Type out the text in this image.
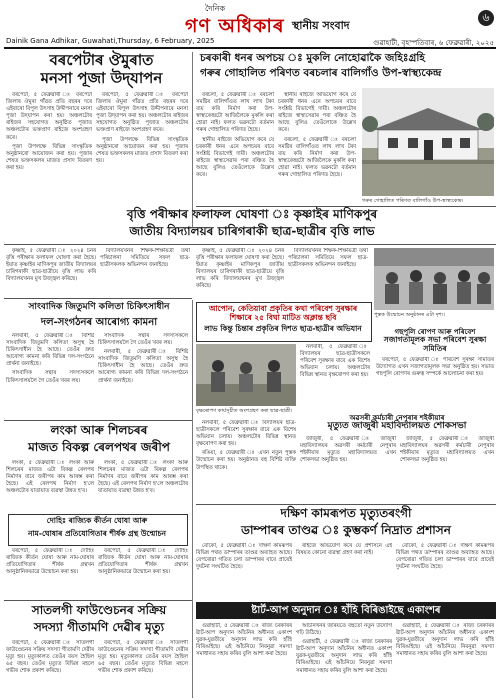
দৈনিক
গণ অধিকাৰ স্থানীয় সংবাদ
৬
Dainik Gana Adhikar, Guwahati,Thursday, 6 February, 2025	গুৱাহাটী, বৃহস্পতিবাৰ, ৬ ফেব্ৰুৱাৰী, ২০২৫
বৰপেটাৰ ঔমুৰাত
মনসা পূজা উদ্‌যাপন

বৰপেটা, ৫ ফেব্ৰুৱাৰী ঃ বৰপেটা জিলাৰ ঔমুৰা গাঁৱত প্ৰতি বছৰৰ দৰে এইবাৰো বিপুল উৎসাহ উদ্দীপনাৰে মনসা পূজা উদ্‌যাপন কৰা হয়। অঞ্চলটোৰ ৰাইজৰ সহযোগত অনুষ্ঠিত পূজাত অঞ্চলটোৰ ভক্তপ্ৰাণ ৰাইজে অংশগ্ৰহণ কৰে।

পূজা উপলক্ষে বিভিন্ন সাংস্কৃতিক অনুষ্ঠানৰো আয়োজন কৰা হয়। পূজাৰ শেষত ভক্তসকলৰ মাজত প্ৰসাদ বিতৰণ কৰা হয়।

বৰপেটা, ৫ ফেব্ৰুৱাৰী ঃ বৰপেটা জিলাৰ ঔমুৰা গাঁৱত প্ৰতি বছৰৰ দৰে এইবাৰো বিপুল উৎসাহ উদ্দীপনাৰে মনসা পূজা উদ্‌যাপন কৰা হয়। অঞ্চলটোৰ ৰাইজৰ সহযোগত অনুষ্ঠিত পূজাত অঞ্চলটোৰ ভক্তপ্ৰাণ ৰাইজে অংশগ্ৰহণ কৰে।

পূজা উপলক্ষে বিভিন্ন সাংস্কৃতিক অনুষ্ঠানৰো আয়োজন কৰা হয়। পূজাৰ শেষত ভক্তসকলৰ মাজত প্ৰসাদ বিতৰণ কৰা হয়।

চৰকাৰী ধনৰ অপচয় ঃ মুকলি নোহোৱাকৈ জহিঃগ্ৰহি
গৰুৰ গোহালিত পৰিণত বৰচলাৰ বালিগাঁও উপ-স্বাস্থ্যকেন্দ্ৰ

বৰচলা, ৫ ফেব্ৰুৱাৰী ঃ বৰচলা সমষ্টিৰ বালিগাঁওত লাখ লাখ টকা ব্যয় কৰি নিৰ্মাণ কৰা উপ-স্বাস্থ্যকেন্দ্ৰটো আজিলৈকে মুকলি কৰা হোৱা নাই। ফলত ভৱনটো বৰ্তমান গৰুৰ গোহালিত পৰিণত হৈছে।

স্থানীয় ৰাইজে অভিযোগ কৰে যে চৰকাৰী ধনৰ এনে অপচয়ৰ বাবে সংশ্লিষ্ট বিভাগেই দায়ী। অঞ্চলটোৰ ৰাইজে স্বাস্থ্যসেৱাৰ পৰা বঞ্চিত হৈ আছে বুলিও তেওঁলোকে উল্লেখ কৰে।

স্থানীয় ৰাইজে অভিযোগ কৰে যে চৰকাৰী ধনৰ এনে অপচয়ৰ বাবে সংশ্লিষ্ট বিভাগেই দায়ী। অঞ্চলটোৰ ৰাইজে স্বাস্থ্যসেৱাৰ পৰা বঞ্চিত হৈ আছে বুলিও তেওঁলোকে উল্লেখ কৰে।

বৰচলা, ৫ ফেব্ৰুৱাৰী ঃ বৰচলা সমষ্টিৰ বালিগাঁওত লাখ লাখ টকা ব্যয় কৰি নিৰ্মাণ কৰা উপ-স্বাস্থ্যকেন্দ্ৰটো আজিলৈকে মুকলি কৰা হোৱা নাই। ফলত ভৱনটো বৰ্তমান গৰুৰ গোহালিত পৰিণত হৈছে।

গৰুৰ গোহালিত পৰিণত বালিগাঁও উপ-স্বাস্থ্যকেন্দ্ৰ।
বৃত্তি পৰীক্ষাৰ ফলাফল ঘোষণা ঃ কৃষ্ণাইৰ মাণিকপুৰ
জাতীয় বিদ্যালয়ৰ চাৰিগৰাকী ছাত্ৰ-ছাত্ৰীৰ বৃত্তি লাভ

কৃষ্ণাই, ৫ ফেব্ৰুৱাৰী ঃ ২০২৪ চনৰ বৃত্তি পৰীক্ষাৰ ফলাফল ঘোষণা কৰা হৈছে। ইয়াত কৃষ্ণাইৰ মাণিকপুৰ জাতীয় বিদ্যালয়ৰ চাৰিগৰাকী ছাত্ৰ-ছাত্ৰীয়ে বৃত্তি লাভ কৰি বিদ্যালয়খনৰ মুখ উজ্জ্বল কৰিছে।

বিদ্যালয়খনৰ শিক্ষক-শিক্ষয়িত্ৰী তথা পৰিচালনা সমিতিয়ে সফল ছাত্ৰ-ছাত্ৰীসকলক অভিনন্দন জনাইছে।

কৃষ্ণাই, ৫ ফেব্ৰুৱাৰী ঃ ২০২৪ চনৰ বৃত্তি পৰীক্ষাৰ ফলাফল ঘোষণা কৰা হৈছে। ইয়াত কৃষ্ণাইৰ মাণিকপুৰ জাতীয় বিদ্যালয়ৰ চাৰিগৰাকী ছাত্ৰ-ছাত্ৰীয়ে বৃত্তি লাভ কৰি বিদ্যালয়খনৰ মুখ উজ্জ্বল কৰিছে।

বিদ্যালয়খনৰ শিক্ষক-শিক্ষয়িত্ৰী তথা পৰিচালনা সমিতিয়ে সফল ছাত্ৰ-ছাত্ৰীসকলক অভিনন্দন জনাইছে।

পুস্তক উন্মোচন অনুষ্ঠানৰ এটা দৃশ্য।
সাংবাদিক জিতুমণি কলিতা চিকিৎসাধীন
দল-সংগঠনৰ আৰোগ্য কামনা

নলবাৰী, ৫ ফেব্ৰুৱাৰী ঃ বিশিষ্ট সাংবাদিক জিতুমণি কলিতা অসুস্থ হৈ চিকিৎসাধীন হৈ আছে। তেওঁৰ দ্ৰুত আৰোগ্য কামনা কৰি বিভিন্ন দল-সংগঠনে প্ৰাৰ্থনা জনাইছে।

সাংবাদিক সন্থাৰ সদস্যসকলে চিকিৎসালয়লৈ গৈ তেওঁৰ খবৰ লয়।

সাংবাদিক সন্থাৰ সদস্যসকলে চিকিৎসালয়লৈ গৈ তেওঁৰ খবৰ লয়।

নলবাৰী, ৫ ফেব্ৰুৱাৰী ঃ বিশিষ্ট সাংবাদিক জিতুমণি কলিতা অসুস্থ হৈ চিকিৎসাধীন হৈ আছে। তেওঁৰ দ্ৰুত আৰোগ্য কামনা কৰি বিভিন্ন দল-সংগঠনে প্ৰাৰ্থনা জনাইছে।

আপোন, কেতিয়াবা প্ৰকৃতিৰ কথা পৰিবেশ সুৰক্ষাৰ শিক্ষাৰে ২৫ বিঘা মাটিত অক্লান্ত ছবি
লাভ কিন্তু চিন্তাৰ প্ৰকৃতিৰ দিশত ছাত্ৰ-ছাত্ৰীৰ অভিযান

নলবাৰী, ৫ ফেব্ৰুৱাৰী ঃ বিদ্যালয়ৰ ছাত্ৰ-ছাত্ৰীসকলে পৰিবেশ সুৰক্ষাৰ বাবে এক বিশেষ অভিযান চলায়। অঞ্চলটোৰ বিভিন্ন স্থানত বৃক্ষৰোপণ কৰা হয়।

বৃক্ষৰোপণ কাৰ্যসূচীত অংশগ্ৰহণ কৰা ছাত্ৰ-ছাত্ৰী।
গছপুলি ৰোপণ আৰু পৰিবেশ
সজাগতামূলক সভা পৰিবেশ সুৰক্ষা সমিতিৰ

বৰপেটা, ৫ ফেব্ৰুৱাৰী ঃ পৰিবেশ সুৰক্ষা সমিতিৰ উদ্যোগত এখন সজাগতামূলক সভা অনুষ্ঠিত হয়। সভাত গছপুলি ৰোপণৰ গুৰুত্ব সম্পৰ্কে আলোচনা কৰা হয়।

অৱসৰী কৰ্মচাৰী নেপুৰাৰ শইকীয়াৰ
মৃত্যুত জাজুৰী মহাবিদ্যালয়ত শোকসভা

জাজুৰী, ৫ ফেব্ৰুৱাৰী ঃ জাজুৰী মহাবিদ্যালয়ৰ অৱসৰী কৰ্মচাৰী নেপুৰাৰ শইকীয়াৰ মৃত্যুত মহাবিদ্যালয়ত এখন শোকসভা অনুষ্ঠিত হয়।

জাজুৰী, ৫ ফেব্ৰুৱাৰী ঃ জাজুৰী মহাবিদ্যালয়ৰ অৱসৰী কৰ্মচাৰী নেপুৰাৰ শইকীয়াৰ মৃত্যুত মহাবিদ্যালয়ত এখন শোকসভা অনুষ্ঠিত হয়।

নলবাৰী, ৫ ফেব্ৰুৱাৰী ঃ বিদ্যালয়ৰ ছাত্ৰ-ছাত্ৰীসকলে পৰিবেশ সুৰক্ষাৰ বাবে এক বিশেষ অভিযান চলায়। অঞ্চলটোৰ বিভিন্ন স্থানত বৃক্ষৰোপণ কৰা হয়।

ৰঙিয়া, ৫ ফেব্ৰুৱাৰী ঃ এখন নতুন পুস্তক উন্মোচন কৰা হয়। অনুষ্ঠানত বহু বিশিষ্ট ব্যক্তি উপস্থিত থাকে।

লংকা আৰু শিলচৰৰ
মাজত বিকল্প ৰেলপথৰ জৰীপ

লংকা, ৫ ফেব্ৰুৱাৰী ঃ লংকা আৰু শিলচৰৰ মাজত এটা বিকল্প ৰেলপথ নিৰ্মাণৰ বাবে জৰীপৰ কাম আৰম্ভ কৰা হৈছে। এই ৰেলপথ নিৰ্মাণ হ'লে অঞ্চলটোৰ যাতায়াত ব্যৱস্থা উন্নত হ'ব।

লংকা, ৫ ফেব্ৰুৱাৰী ঃ লংকা আৰু শিলচৰৰ মাজত এটা বিকল্প ৰেলপথ নিৰ্মাণৰ বাবে জৰীপৰ কাম আৰম্ভ কৰা হৈছে। এই ৰেলপথ নিৰ্মাণ হ'লে অঞ্চলটোৰ যাতায়াত ব্যৱস্থা উন্নত হ'ব।

দক্ষিণ কামৰূপত মৃত্যুতৰংগী
ডাম্পাৰৰ তাণ্ডৱ ঃ কুম্ভকৰ্ণ নিদ্ৰাত প্ৰশাসন

বোকো, ৫ ফেব্ৰুৱাৰী ঃ দক্ষিণ কামৰূপৰ বিভিন্ন পথত ডাম্পাৰৰ তাণ্ডৱ অব্যাহত আছে। বেপৰোৱা গতিত চলা ডাম্পাৰৰ বাবে প্ৰায়েই দুৰ্ঘটনা সংঘটিত হৈছে।

ৰাইজে অভিযোগ কৰে যে প্ৰশাসনে এই বিষয়ত কোনো ব্যৱস্থা গ্ৰহণ কৰা নাই।

বোকো, ৫ ফেব্ৰুৱাৰী ঃ দক্ষিণ কামৰূপৰ বিভিন্ন পথত ডাম্পাৰৰ তাণ্ডৱ অব্যাহত আছে। বেপৰোৱা গতিত চলা ডাম্পাৰৰ বাবে প্ৰায়েই দুৰ্ঘটনা সংঘটিত হৈছে।

দোহিঃ ৰাজ্যিক কীৰ্তন ঘোষা আৰু
নাম-ঘোষাৰ প্ৰতিযোগিতাৰ শীৰ্ষক গ্ৰন্থ উন্মোচন

বৰপেটা, ৫ ফেব্ৰুৱাৰী ঃ দোহিঃ ৰাজ্যিক কীৰ্তন ঘোষা আৰু নাম-ঘোষাৰ প্ৰতিযোগিতাৰ শীৰ্ষক গ্ৰন্থখন আনুষ্ঠানিকভাৱে উন্মোচন কৰা হয়।

বৰপেটা, ৫ ফেব্ৰুৱাৰী ঃ দোহিঃ ৰাজ্যিক কীৰ্তন ঘোষা আৰু নাম-ঘোষাৰ প্ৰতিযোগিতাৰ শীৰ্ষক গ্ৰন্থখন আনুষ্ঠানিকভাৱে উন্মোচন কৰা হয়।

ষ্টাৰ্ট-আপ অনুদান ঃ হাঁহি বিৰিঙাইছে একাংশৰ

গুৱাহাটী, ৫ ফেব্ৰুৱাৰী ঃ ৰাজ্য চৰকাৰৰ ষ্টাৰ্ট-আপ অনুদান আঁচনিৰ অধীনত একাংশ যুৱক-যুৱতীয়ে অনুদান লাভ কৰি হাঁহি বিৰিঙাইছে। এই আঁচনিয়ে নিবনুৱা সমস্যা সমাধানত সহায় কৰিব বুলি আশা কৰা হৈছে।

আঁচনিখনৰ জৰিয়তে বহুতো নতুন উদ্যোগ গঢ়ি উঠিছে।

গুৱাহাটী, ৫ ফেব্ৰুৱাৰী ঃ ৰাজ্য চৰকাৰৰ ষ্টাৰ্ট-আপ অনুদান আঁচনিৰ অধীনত একাংশ যুৱক-যুৱতীয়ে অনুদান লাভ কৰি হাঁহি বিৰিঙাইছে। এই আঁচনিয়ে নিবনুৱা সমস্যা সমাধানত সহায় কৰিব বুলি আশা কৰা হৈছে।

গুৱাহাটী, ৫ ফেব্ৰুৱাৰী ঃ ৰাজ্য চৰকাৰৰ ষ্টাৰ্ট-আপ অনুদান আঁচনিৰ অধীনত একাংশ যুৱক-যুৱতীয়ে অনুদান লাভ কৰি হাঁহি বিৰিঙাইছে। এই আঁচনিয়ে নিবনুৱা সমস্যা সমাধানত সহায় কৰিব বুলি আশা কৰা হৈছে।

সাতলগী ফাউণ্ডেচনৰ সক্ৰিয়
সদস্যা গীতামণি দেৱীৰ মৃত্যু

বৰপেটা, ৫ ফেব্ৰুৱাৰী ঃ সাতলগী ফাউণ্ডেচনৰ সক্ৰিয় সদস্যা গীতামণি দেৱীৰ মৃত্যু হয়। মৃত্যুকালত তেওঁৰ বয়স হৈছিল ৬৫ বছৰ। তেওঁৰ মৃত্যুত বিভিন্ন মহলে গভীৰ শোক প্ৰকাশ কৰিছে।

বৰপেটা, ৫ ফেব্ৰুৱাৰী ঃ সাতলগী ফাউণ্ডেচনৰ সক্ৰিয় সদস্যা গীতামণি দেৱীৰ মৃত্যু হয়। মৃত্যুকালত তেওঁৰ বয়স হৈছিল ৬৫ বছৰ। তেওঁৰ মৃত্যুত বিভিন্ন মহলে গভীৰ শোক প্ৰকাশ কৰিছে।
